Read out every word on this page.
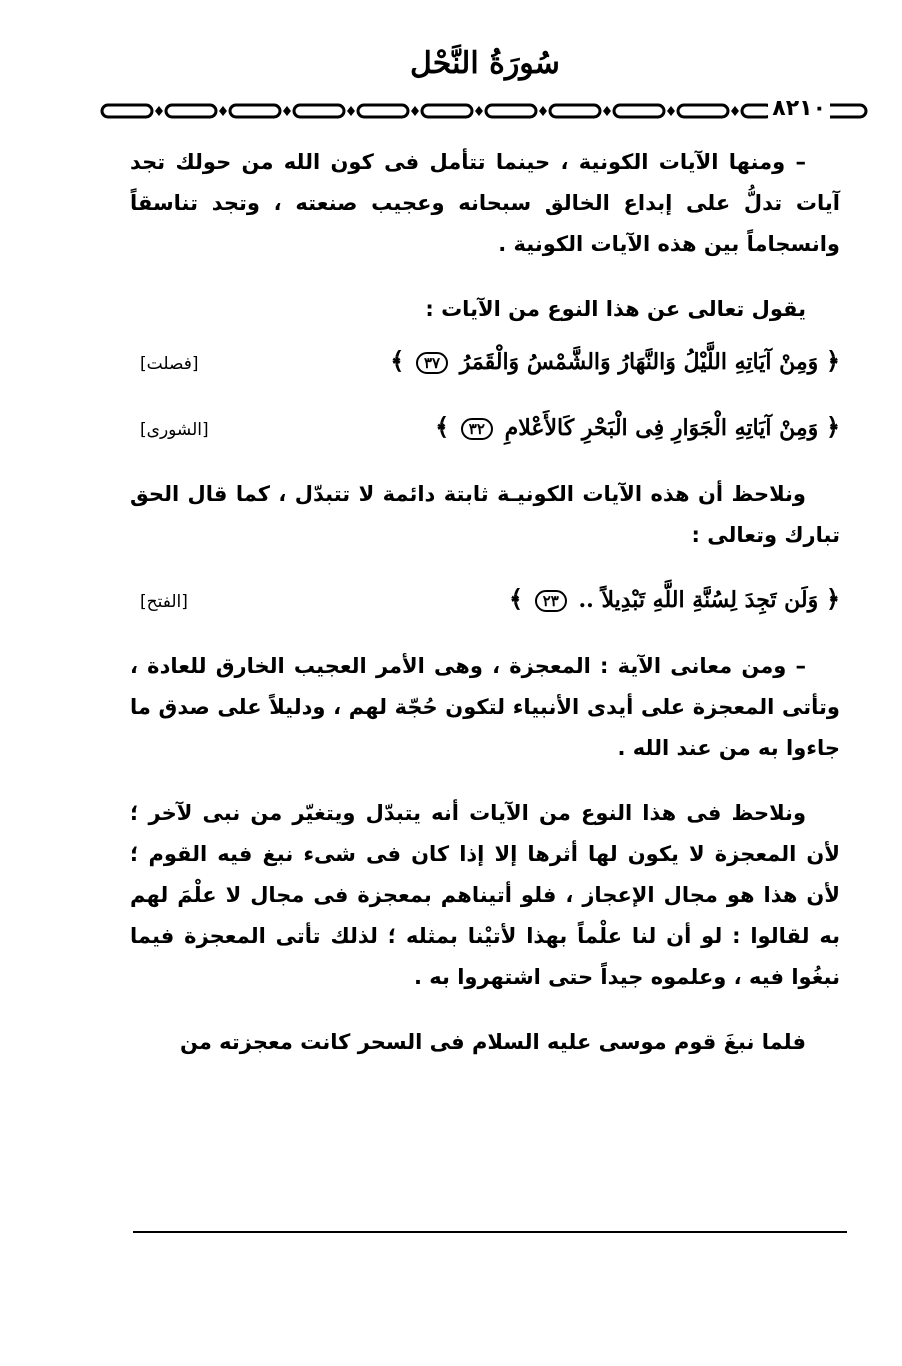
سُورَةُ النَّحْل
٨٢١٠

– ومنها الآيات الكونية ، حينما تتأمل فى كون الله من حولك تجد آيات تدلُّ على إبداع الخالق سبحانه وعجيب صنعته ، وتجد تناسقاً وانسجاماً بين هذه الآيات الكونية .

يقول تعالى عن هذا النوع من الآيات :

﴿ وَمِنْ آيَاتِهِ اللَّيْلُ وَالنَّهَارُ وَالشَّمْسُ وَالْقَمَرُ ٣٧ ﴾
[فصلت]
﴿ وَمِنْ آيَاتِهِ الْجَوَارِ فِى الْبَحْرِ كَالأَعْلامِ ٣٢ ﴾
[الشورى]

ونلاحظ أن هذه الآيات الكونيـة ثابتة دائمة لا تتبدّل ، كما قال الحق تبارك وتعالى :

﴿ وَلَن تَجِدَ لِسُنَّةِ اللَّهِ تَبْدِيلاً .. ٢٣ ﴾
[الفتح]

– ومن معانى الآية : المعجزة ، وهى الأمر العجيب الخارق للعادة ، وتأتى المعجزة على أيدى الأنبياء لتكون حُجّة لهم ، ودليلاً على صدق ما جاءوا به من عند الله .

ونلاحظ فى هذا النوع من الآيات أنه يتبدّل ويتغيّر من نبى لآخر ؛ لأن المعجزة لا يكون لها أثرها إلا إذا كان فى شىء نبغ فيه القوم ؛ لأن هذا هو مجال الإعجاز ، فلو أتيناهم بمعجزة فى مجال لا علْمَ لهم به لقالوا : لو أن لنا علْماً بهذا لأتيْنا بمثله ؛ لذلك تأتى المعجزة فيما نبغُوا فيه ، وعلموه جيداً حتى اشتهروا به .

فلما نبغَ قوم موسى عليه السلام فى السحر كانت معجزته من
